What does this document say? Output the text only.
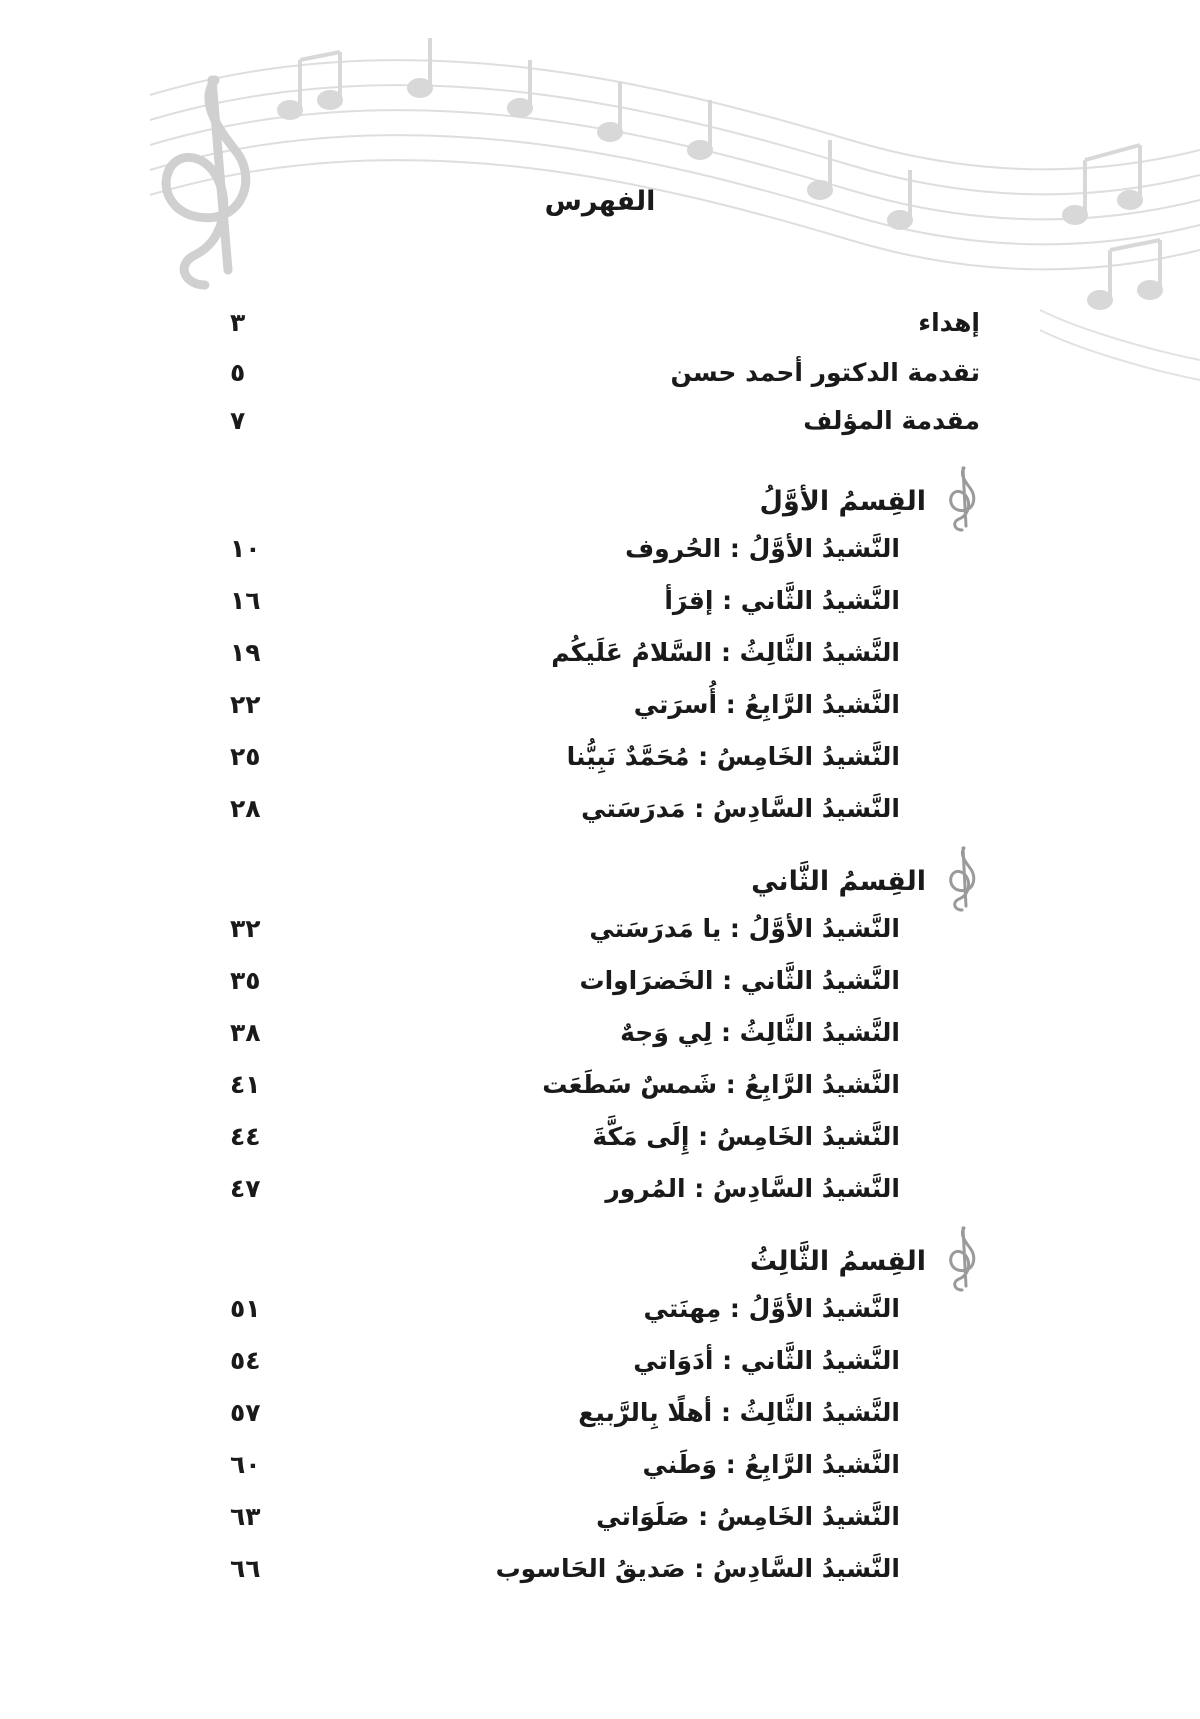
الفهرس
إهداء
٣
تقدمة الدكتور أحمد حسن
٥
مقدمة المؤلف
٧
القِسمُ الأوَّلُ
النَّشيدُ الأوَّلُ : الحُروف
١٠
النَّشيدُ الثَّاني : إقرَأ
١٦
النَّشيدُ الثَّالِثُ : السَّلامُ عَلَيكُم
١٩
النَّشيدُ الرَّابِعُ : أُسرَتي
٢٢
النَّشيدُ الخَامِسُ : مُحَمَّدٌ نَبِيُّنا
٢٥
النَّشيدُ السَّادِسُ : مَدرَسَتي
٢٨
القِسمُ الثَّاني
النَّشيدُ الأوَّلُ : يا مَدرَسَتي
٣٢
النَّشيدُ الثَّاني : الخَضرَاوات
٣٥
النَّشيدُ الثَّالِثُ : لِي وَجهٌ
٣٨
النَّشيدُ الرَّابِعُ : شَمسٌ سَطَعَت
٤١
النَّشيدُ الخَامِسُ : إِلَى مَكَّةَ
٤٤
النَّشيدُ السَّادِسُ : المُرور
٤٧
القِسمُ الثَّالِثُ
النَّشيدُ الأوَّلُ : مِهنَتي
٥١
النَّشيدُ الثَّاني : أدَوَاتي
٥٤
النَّشيدُ الثَّالِثُ : أهلًا بِالرَّبيع
٥٧
النَّشيدُ الرَّابِعُ : وَطَني
٦٠
النَّشيدُ الخَامِسُ : صَلَوَاتي
٦٣
النَّشيدُ السَّادِسُ : صَديقُ الحَاسوب
٦٦
